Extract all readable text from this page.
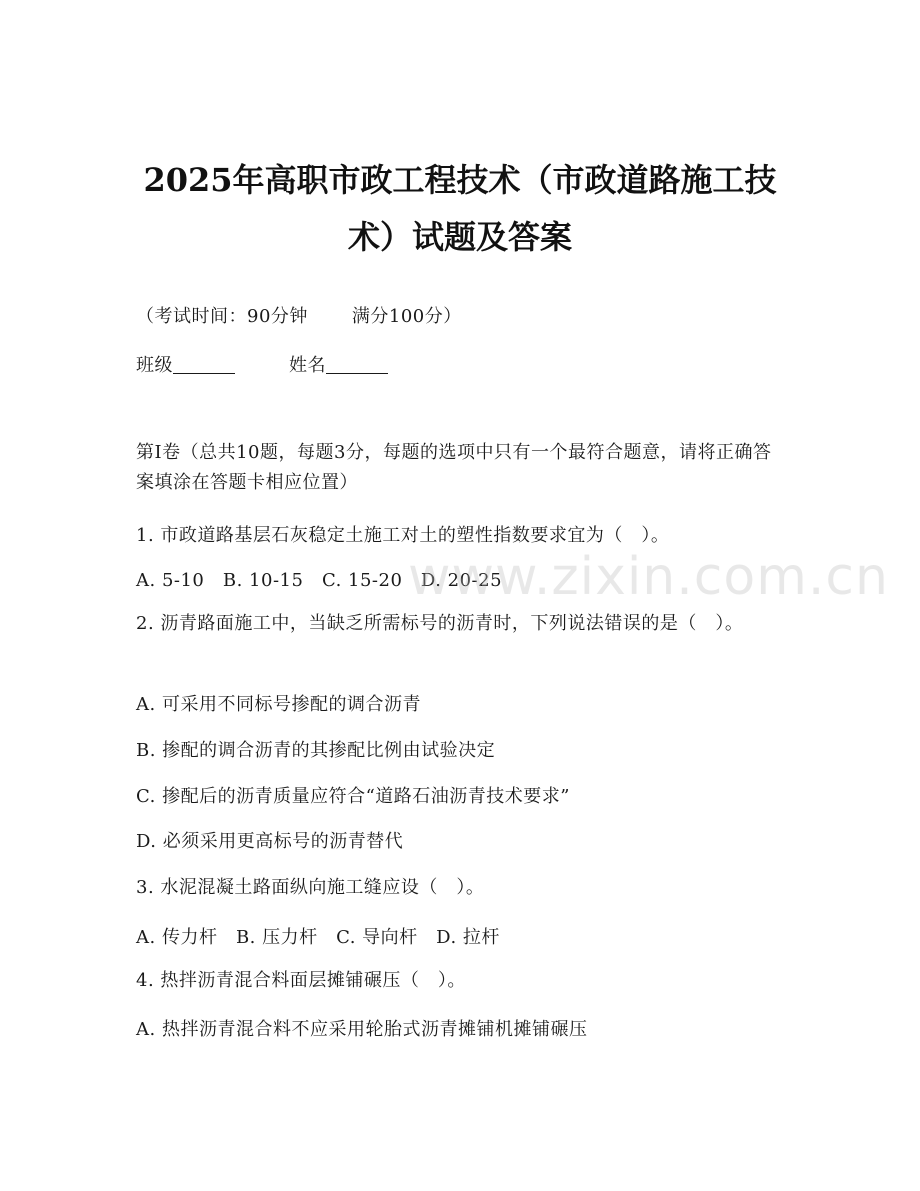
2025年高职市政工程技术（市政道路施工技
术）试题及答案
（考试时间：90分钟 满分100分）
班级	姓名
第Ⅰ卷（总共10题，每题3分，每题的选项中只有一个最符合题意，请将正确答案填涂在答题卡相应位置）
1. 市政道路基层石灰稳定土施工对土的塑性指数要求宜为（　）。
A. 5-10　B. 10-15　C. 15-20　D. 20-25
2. 沥青路面施工中，当缺乏所需标号的沥青时，下列说法错误的是（　）。
A. 可采用不同标号掺配的调合沥青
B. 掺配的调合沥青的其掺配比例由试验决定
C. 掺配后的沥青质量应符合“道路石油沥青技术要求”
D. 必须采用更高标号的沥青替代
3. 水泥混凝土路面纵向施工缝应设（　）。
A. 传力杆　B. 压力杆　C. 导向杆　D. 拉杆
4. 热拌沥青混合料面层摊铺碾压（　）。
A. 热拌沥青混合料不应采用轮胎式沥青摊铺机摊铺碾压
www.zixin.com.cn
